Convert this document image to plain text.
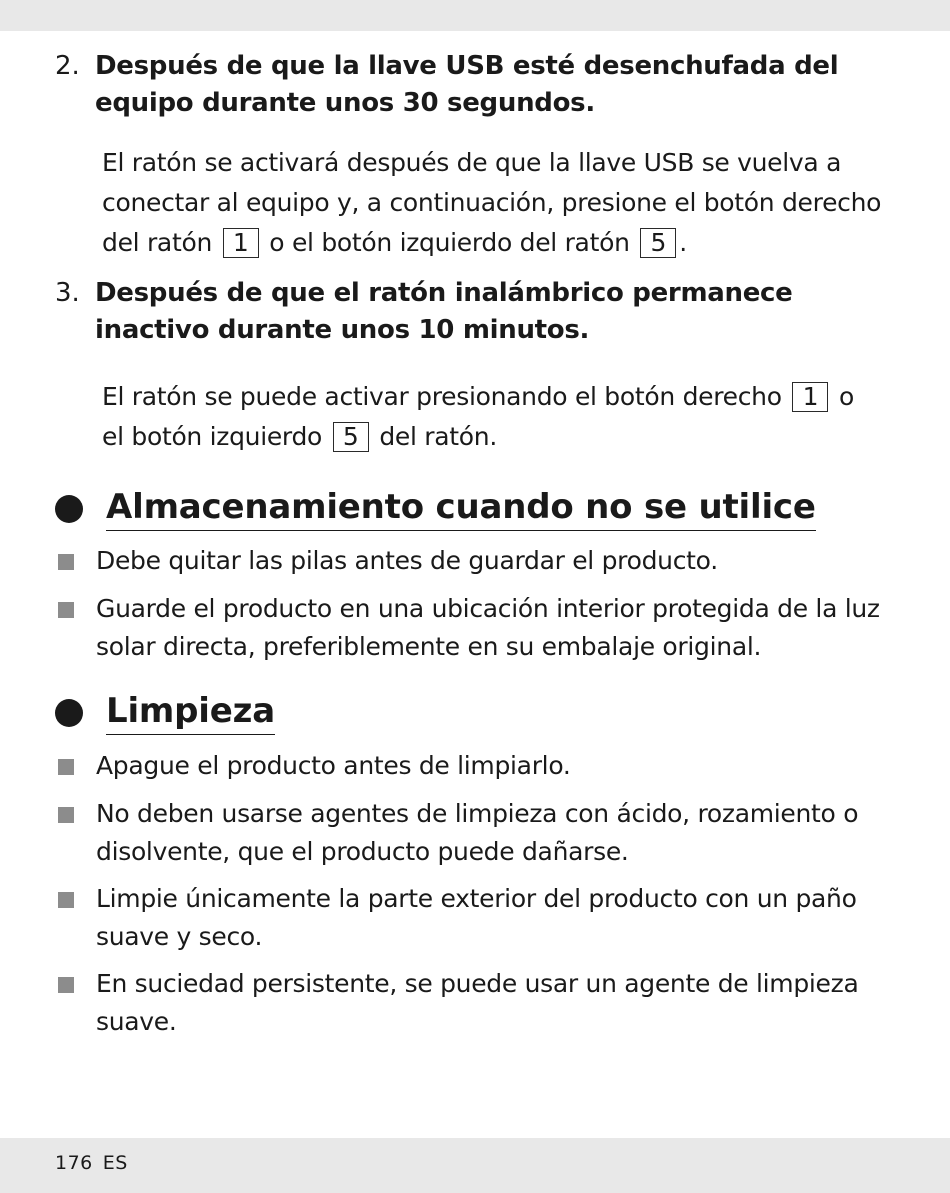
2. Después de que la llave USB esté desenchufada del equipo durante unos 30 segundos.
El ratón se activará después de que la llave USB se vuelva a conectar al equipo y, a continuación, presione el botón derecho del ratón 1 o el botón izquierdo del ratón 5 .
3. Después de que el ratón inalámbrico permanece inactivo durante unos 10 minutos.
El ratón se puede activar presionando el botón derecho 1 o el botón izquierdo 5 del ratón.
Almacenamiento cuando no se utilice
Debe quitar las pilas antes de guardar el producto.
Guarde el producto en una ubicación interior protegida de la luz solar directa, preferiblemente en su embalaje original.
Limpieza
Apague el producto antes de limpiarlo.
No deben usarse agentes de limpieza con ácido, rozamiento o disolvente, que el producto puede dañarse.
Limpie únicamente la parte exterior del producto con un paño suave y seco.
En suciedad persistente, se puede usar un agente de limpieza suave.
176 ES
